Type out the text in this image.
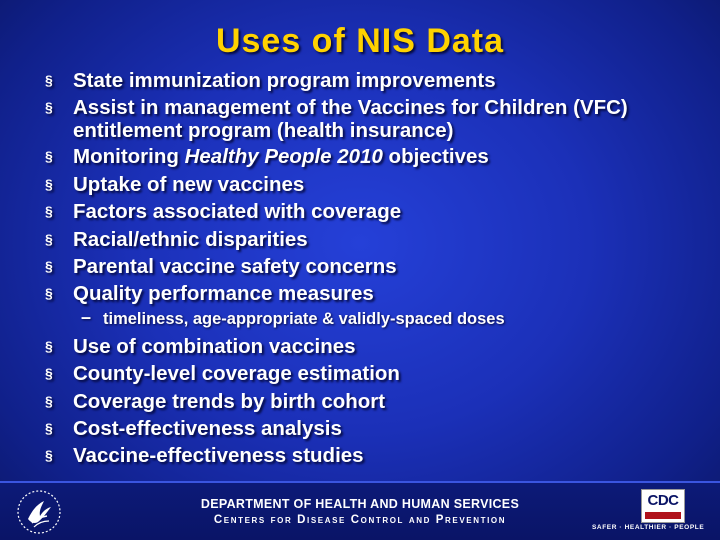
Uses of NIS Data
§ State immunization program improvements
§ Assist in management of the Vaccines for Children (VFC) entitlement program (health insurance)
§ Monitoring Healthy People 2010 objectives
§ Uptake of new vaccines
§ Factors associated with coverage
§ Racial/ethnic disparities
§ Parental vaccine safety concerns
§ Quality performance measures
– timeliness, age-appropriate & validly-spaced doses
§ Use of combination vaccines
§ County-level coverage estimation
§ Coverage trends by birth cohort
§ Cost-effectiveness analysis
§ Vaccine-effectiveness studies
DEPARTMENT OF HEALTH AND HUMAN SERVICES
Centers for Disease Control and Prevention
CDC
SAFER · HEALTHIER · PEOPLE
